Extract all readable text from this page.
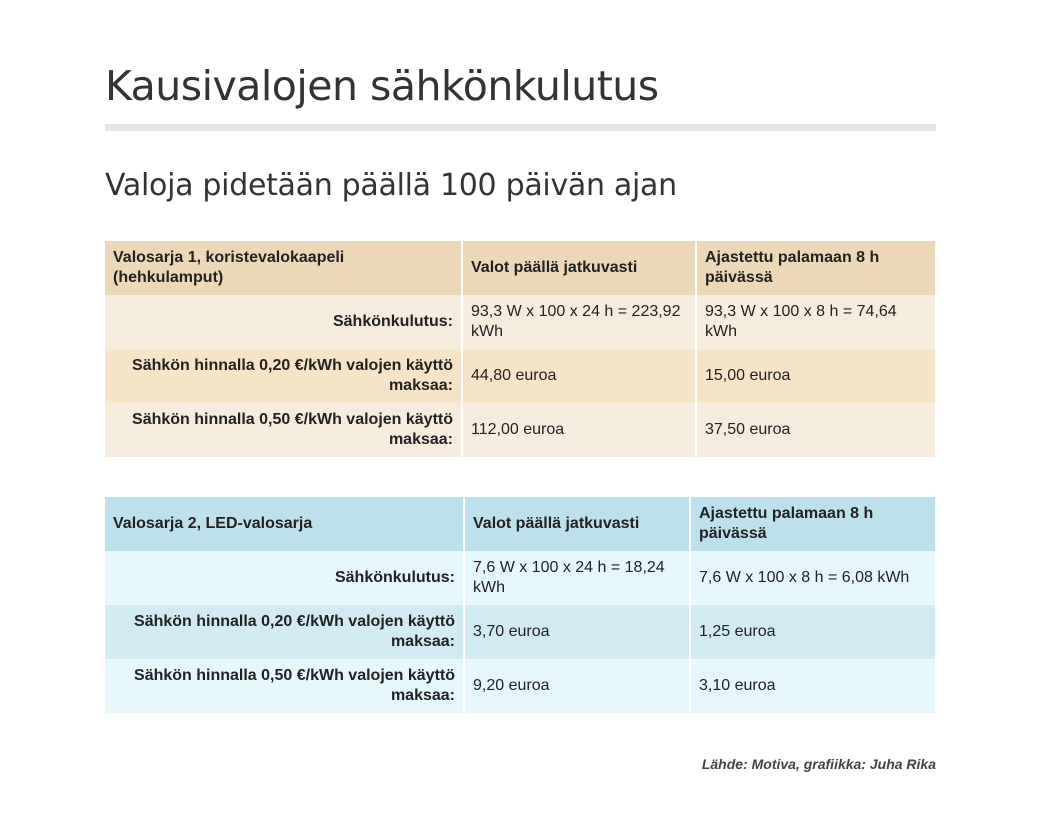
Kausivalojen sähkönkulutus
Valoja pidetään päällä 100 päivän ajan
Valosarja 1, koristevalokaapeli (hehkulamput)	Valot päällä jatkuvasti	Ajastettu palamaan 8 h päivässä
Sähkönkulutus:	93,3 W x 100 x 24 h = 223,92 kWh	93,3 W x 100 x 8 h = 74,64 kWh
Sähkön hinnalla 0,20 €/kWh valojen käyttö maksaa:	44,80 euroa	15,00 euroa
Sähkön hinnalla 0,50 €/kWh valojen käyttö maksaa:	112,00 euroa	37,50 euroa
Valosarja 2, LED-valosarja	Valot päällä jatkuvasti	Ajastettu palamaan 8 h päivässä
Sähkönkulutus:	7,6 W x 100 x 24 h = 18,24 kWh	7,6 W x 100 x 8 h = 6,08 kWh
Sähkön hinnalla 0,20 €/kWh valojen käyttö maksaa:	3,70 euroa	1,25 euroa
Sähkön hinnalla 0,50 €/kWh valojen käyttö maksaa:	9,20 euroa	3,10 euroa
Lähde: Motiva, grafiikka: Juha Rika
